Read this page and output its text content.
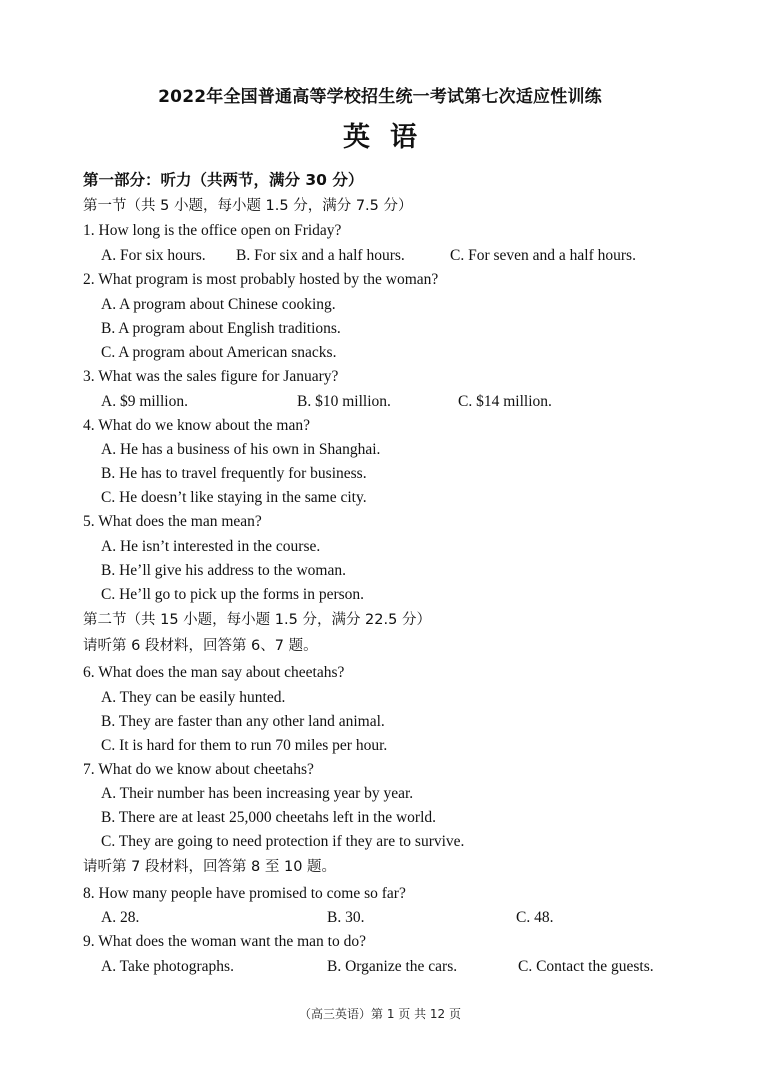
2022年全国普通高等学校招生统一考试第七次适应性训练
英语
第一部分：听力（共两节，满分 30 分）
第一节（共 5 小题，每小题 1.5 分，满分 7.5 分）
1. How long is the office open on Friday?
A. For six hours. B. For six and a half hours.	C. For seven and a half hours.
2. What program is most probably hosted by the woman?
A. A program about Chinese cooking.
B. A program about English traditions.
C. A program about American snacks.
3. What was the sales figure for January?
A. $9 million.	B. $10 million.	C. $14 million.
4. What do we know about the man?
A. He has a business of his own in Shanghai.
B. He has to travel frequently for business.
C. He doesn’t like staying in the same city.
5. What does the man mean?
A. He isn’t interested in the course.
B. He’ll give his address to the woman.
C. He’ll go to pick up the forms in person.
第二节（共 15 小题，每小题 1.5 分，满分 22.5 分）
请听第 6 段材料，回答第 6、7 题。
6. What does the man say about cheetahs?
A. They can be easily hunted.
B. They are faster than any other land animal.
C. It is hard for them to run 70 miles per hour.
7. What do we know about cheetahs?
A. Their number has been increasing year by year.
B. There are at least 25,000 cheetahs left in the world.
C. They are going to need protection if they are to survive.
请听第 7 段材料，回答第 8 至 10 题。
8. How many people have promised to come so far?
A. 28.	B. 30.	C. 48.
9. What does the woman want the man to do?
A. Take photographs.	B. Organize the cars.	C. Contact the guests.
（高三英语）第 1 页 共 12 页
